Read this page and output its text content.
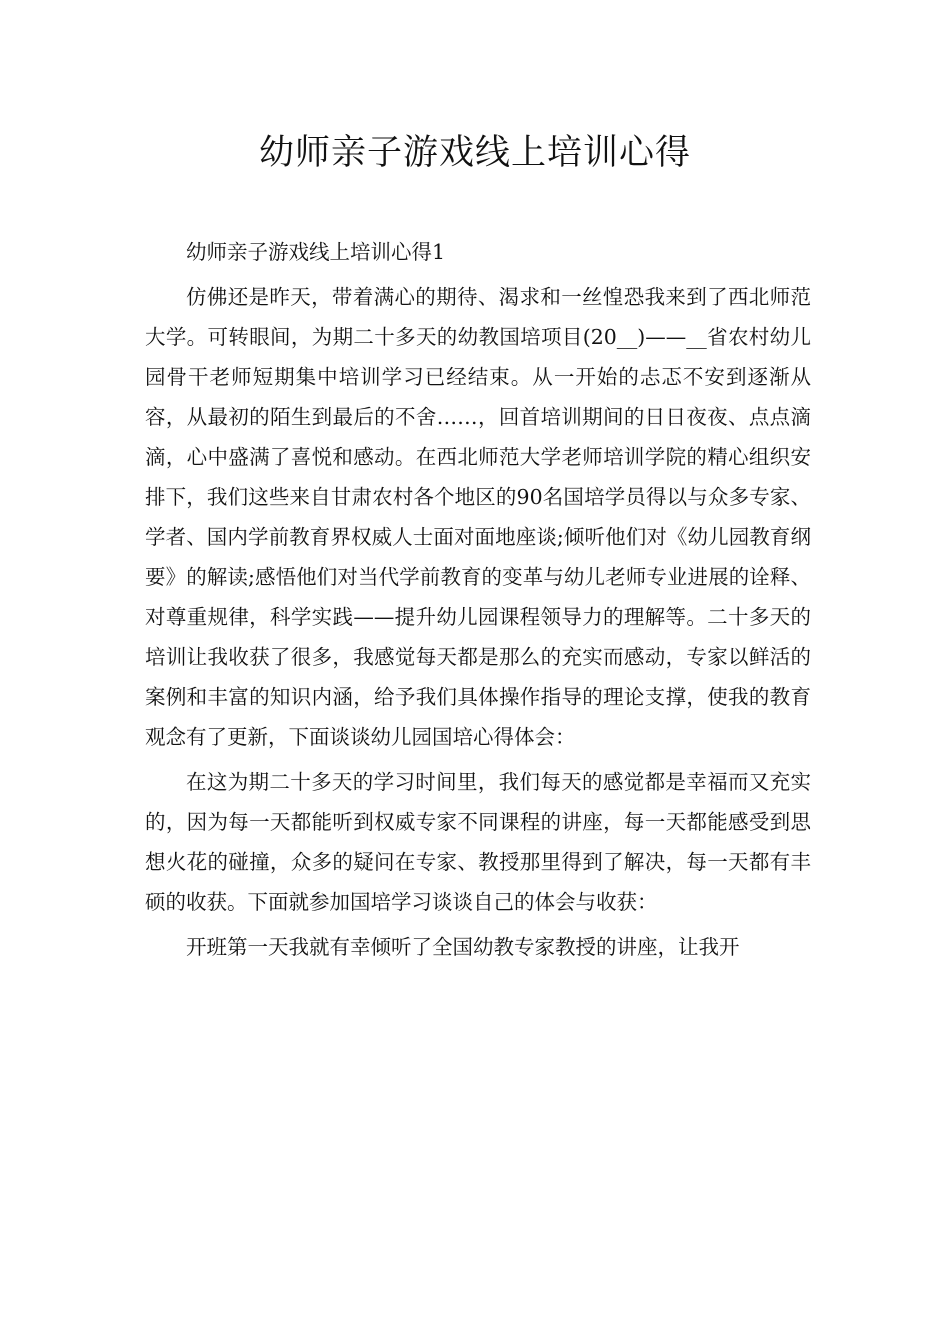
幼师亲子游戏线上培训心得

幼师亲子游戏线上培训心得1

仿佛还是昨天，带着满心的期待、渴求和一丝惶恐我来到了西北师范大学。可转眼间，为期二十多天的幼教国培项目(20__)——__省农村幼儿园骨干老师短期集中培训学习已经结束。从一开始的忐忑不安到逐渐从容，从最初的陌生到最后的不舍……，回首培训期间的日日夜夜、点点滴滴，心中盛满了喜悦和感动。在西北师范大学老师培训学院的精心组织安排下，我们这些来自甘肃农村各个地区的90名国培学员得以与众多专家、学者、国内学前教育界权威人士面对面地座谈;倾听他们对《幼儿园教育纲要》的解读;感悟他们对当代学前教育的变革与幼儿老师专业进展的诠释、对尊重规律，科学实践——提升幼儿园课程领导力的理解等。二十多天的培训让我收获了很多，我感觉每天都是那么的充实而感动，专家以鲜活的案例和丰富的知识内涵，给予我们具体操作指导的理论支撑，使我的教育观念有了更新，下面谈谈幼儿园国培心得体会：

在这为期二十多天的学习时间里，我们每天的感觉都是幸福而又充实的，因为每一天都能听到权威专家不同课程的讲座，每一天都能感受到思想火花的碰撞，众多的疑问在专家、教授那里得到了解决，每一天都有丰硕的收获。下面就参加国培学习谈谈自己的体会与收获：

开班第一天我就有幸倾听了全国幼教专家教授的讲座，让我开
